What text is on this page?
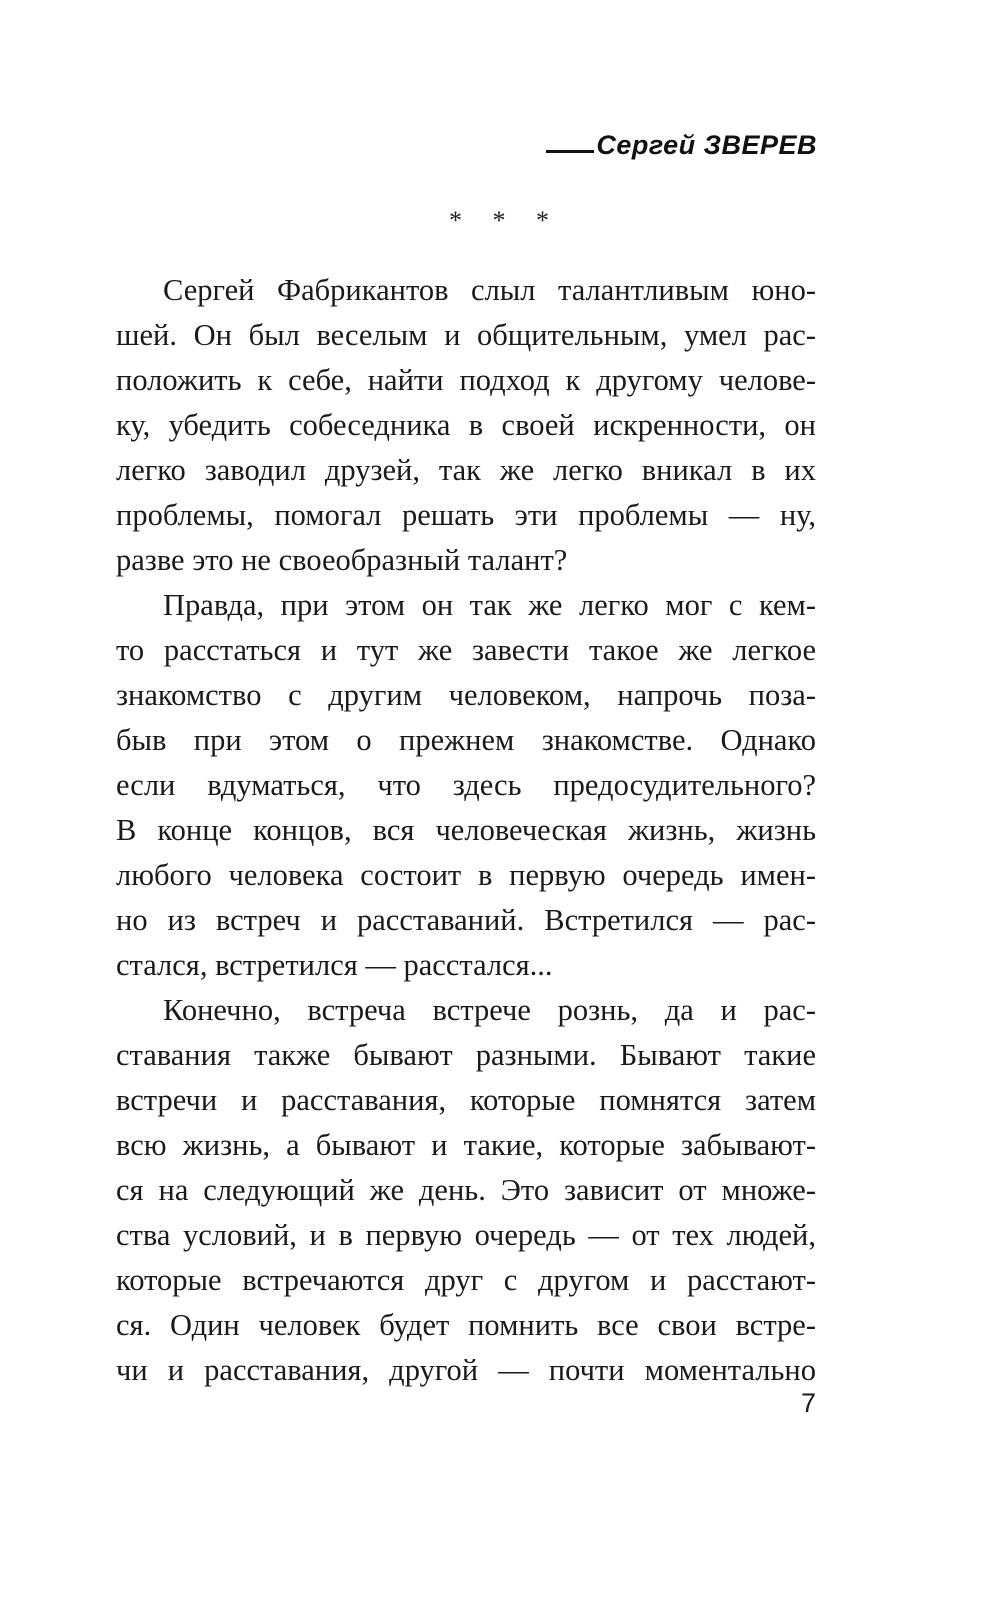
Сергей ЗВЕРЕВ
* * *

Сергей Фабрикантов слыл талантливым юно-
шей. Он был веселым и общительным, умел рас-
положить к себе, найти подход к другому челове-
ку, убедить собеседника в своей искренности, он
легко заводил друзей, так же легко вникал в их
проблемы, помогал решать эти проблемы — ну,
разве это не своеобразный талант?

Правда, при этом он так же легко мог с кем-
то расстаться и тут же завести такое же легкое
знакомство с другим человеком, напрочь поза-
быв при этом о прежнем знакомстве. Однако
если вдуматься, что здесь предосудительного?
В конце концов, вся человеческая жизнь, жизнь
любого человека состоит в первую очередь имен-
но из встреч и расставаний. Встретился — рас-
стался, встретился — расстался...

Конечно, встреча встрече рознь, да и рас-
ставания также бывают разными. Бывают такие
встречи и расставания, которые помнятся затем
всю жизнь, а бывают и такие, которые забывают-
ся на следующий же день. Это зависит от множе-
ства условий, и в первую очередь — от тех людей,
которые встречаются друг с другом и расстают-
ся. Один человек будет помнить все свои встре-
чи и расставания, другой — почти моментально

7
